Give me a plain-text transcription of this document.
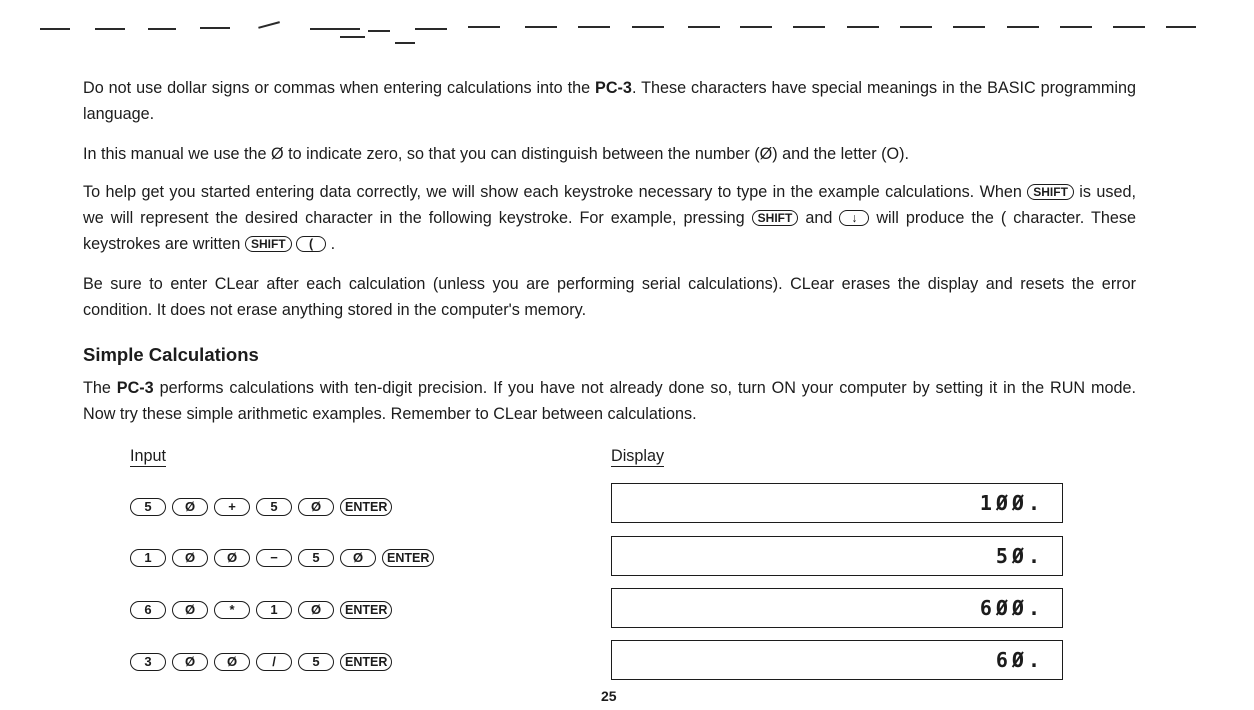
Do not use dollar signs or commas when entering calculations into the PC-3. These characters have special meanings in the BASIC programming language.

In this manual we use the Ø to indicate zero, so that you can distinguish between the number (Ø) and the letter (O).

To help get you started entering data correctly, we will show each keystroke necessary to type in the example calculations. When SHIFT is used, we will represent the desired character in the following keystroke. For example, pressing SHIFT and ↓ will produce the ( character. These keystrokes are written SHIFT ( .

Be sure to enter CLear after each calculation (unless you are performing serial calculations). CLear erases the display and resets the error condition. It does not erase anything stored in the computer's memory.

Simple Calculations

The PC-3 performs calculations with ten-digit precision. If you have not already done so, turn ON your computer by setting it in the RUN mode. Now try these simple arithmetic examples. Remember to CLear between calculations.

Input	Display
5	Ø	+	5	Ø	ENTER	1ØØ.
1	Ø	Ø	−	5	Ø	ENTER	5Ø.
6	Ø	*	1	Ø	ENTER	6ØØ.
3	Ø	Ø	/	5	ENTER	6Ø.
25
